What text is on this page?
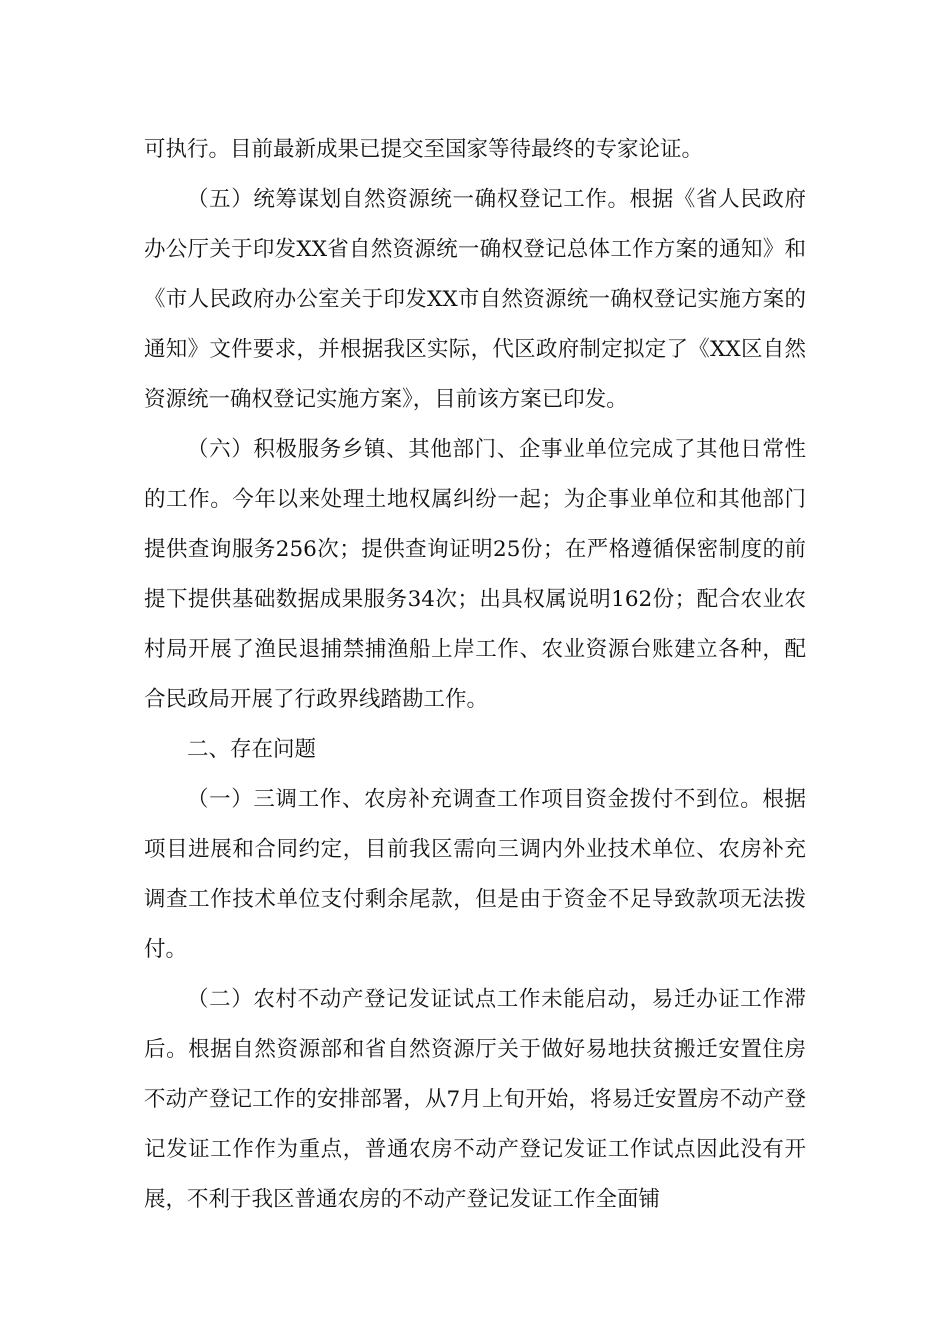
可执行。目前最新成果已提交至国家等待最终的专家论证。

（五）统筹谋划自然资源统一确权登记工作。根据《省人民政府办公厅关于印发XX省自然资源统一确权登记总体工作方案的通知》和《市人民政府办公室关于印发XX市自然资源统一确权登记实施方案的通知》文件要求，并根据我区实际，代区政府制定拟定了《XX区自然资源统一确权登记实施方案》，目前该方案已印发。

（六）积极服务乡镇、其他部门、企事业单位完成了其他日常性的工作。今年以来处理土地权属纠纷一起；为企事业单位和其他部门提供查询服务256次；提供查询证明25份；在严格遵循保密制度的前提下提供基础数据成果服务34次；出具权属说明162份；配合农业农村局开展了渔民退捕禁捕渔船上岸工作、农业资源台账建立各种，配合民政局开展了行政界线踏勘工作。

二、存在问题

（一）三调工作、农房补充调查工作项目资金拨付不到位。根据项目进展和合同约定，目前我区需向三调内外业技术单位、农房补充调查工作技术单位支付剩余尾款，但是由于资金不足导致款项无法拨付。

（二）农村不动产登记发证试点工作未能启动，易迁办证工作滞后。根据自然资源部和省自然资源厅关于做好易地扶贫搬迁安置住房不动产登记工作的安排部署，从7月上旬开始，将易迁安置房不动产登记发证工作作为重点，普通农房不动产登记发证工作试点因此没有开展，不利于我区普通农房的不动产登记发证工作全面铺
